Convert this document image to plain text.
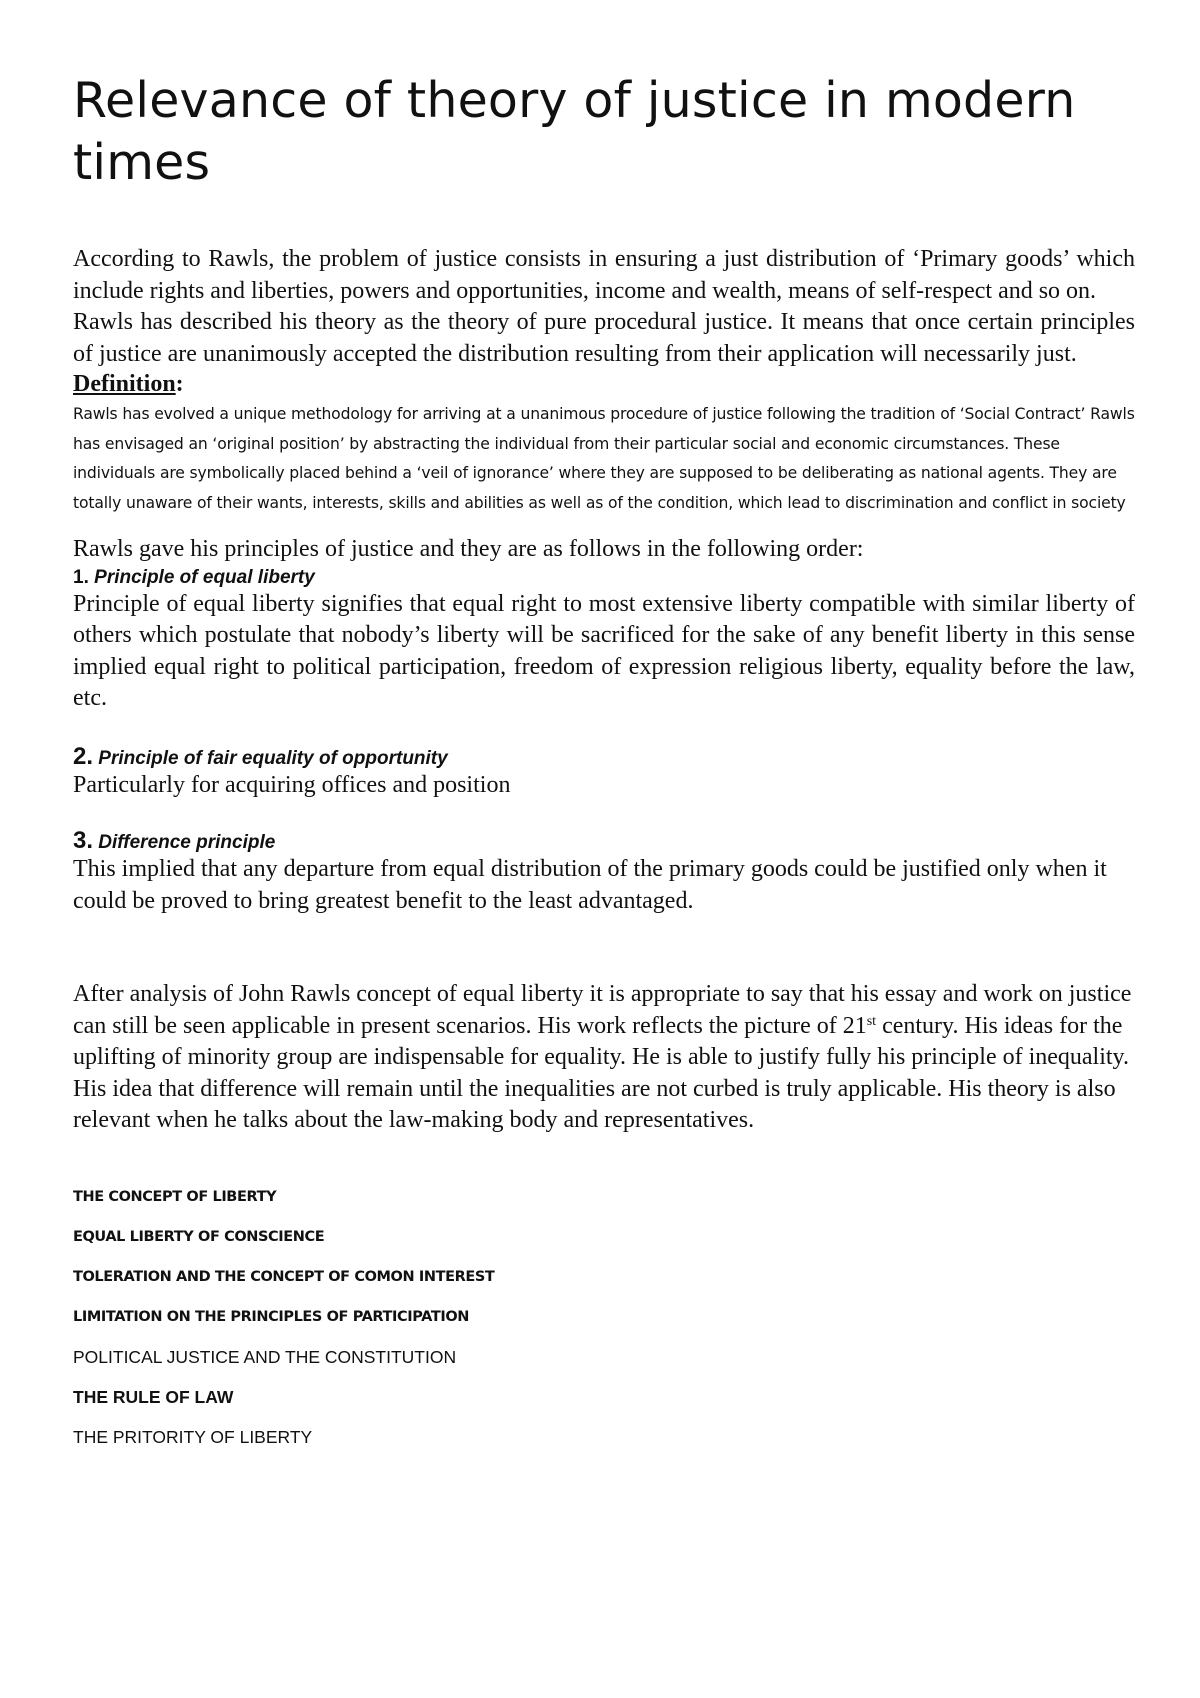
Relevance of theory of justice in modern times

According to Rawls, the problem of justice consists in ensuring a just distribution of ‘Primary goods’ which include rights and liberties, powers and opportunities, income and wealth, means of self-respect and so on.

Rawls has described his theory as the theory of pure procedural justice. It means that once certain principles of justice are unanimously accepted the distribution resulting from their application will necessarily just.

Definition:

Rawls has evolved a unique methodology for arriving at a unanimous procedure of justice following the tradition of ‘Social Contract’ Rawls has envisaged an ‘original position’ by abstracting the individual from their particular social and economic circumstances. These individuals are symbolically placed behind a ‘veil of ignorance’ where they are supposed to be deliberating as national agents. They are totally unaware of their wants, interests, skills and abilities as well as of the condition, which lead to discrimination and conflict in society

Rawls gave his principles of justice and they are as follows in the following order:

1. Principle of equal liberty

Principle of equal liberty signifies that equal right to most extensive liberty compatible with similar liberty of others which postulate that nobody’s liberty will be sacrificed for the sake of any benefit liberty in this sense implied equal right to political participation, freedom of expression religious liberty, equality before the law, etc.

2. Principle of fair equality of opportunity

Particularly for acquiring offices and position

3. Difference principle

This implied that any departure from equal distribution of the primary goods could be justified only when it could be proved to bring greatest benefit to the least advantaged.

After analysis of John Rawls concept of equal liberty it is appropriate to say that his essay and work on justice can still be seen applicable in present scenarios. His work reflects the picture of 21st century. His ideas for the uplifting of minority group are indispensable for equality. He is able to justify fully his principle of inequality. His idea that difference will remain until the inequalities are not curbed is truly applicable. His theory is also relevant when he talks about the law-making body and representatives.

THE CONCEPT OF LIBERTY
EQUAL LIBERTY OF CONSCIENCE
TOLERATION AND THE CONCEPT OF COMON INTEREST
LIMITATION ON THE PRINCIPLES OF PARTICIPATION
POLITICAL JUSTICE AND THE CONSTITUTION
THE RULE OF LAW
THE PRITORITY OF LIBERTY
